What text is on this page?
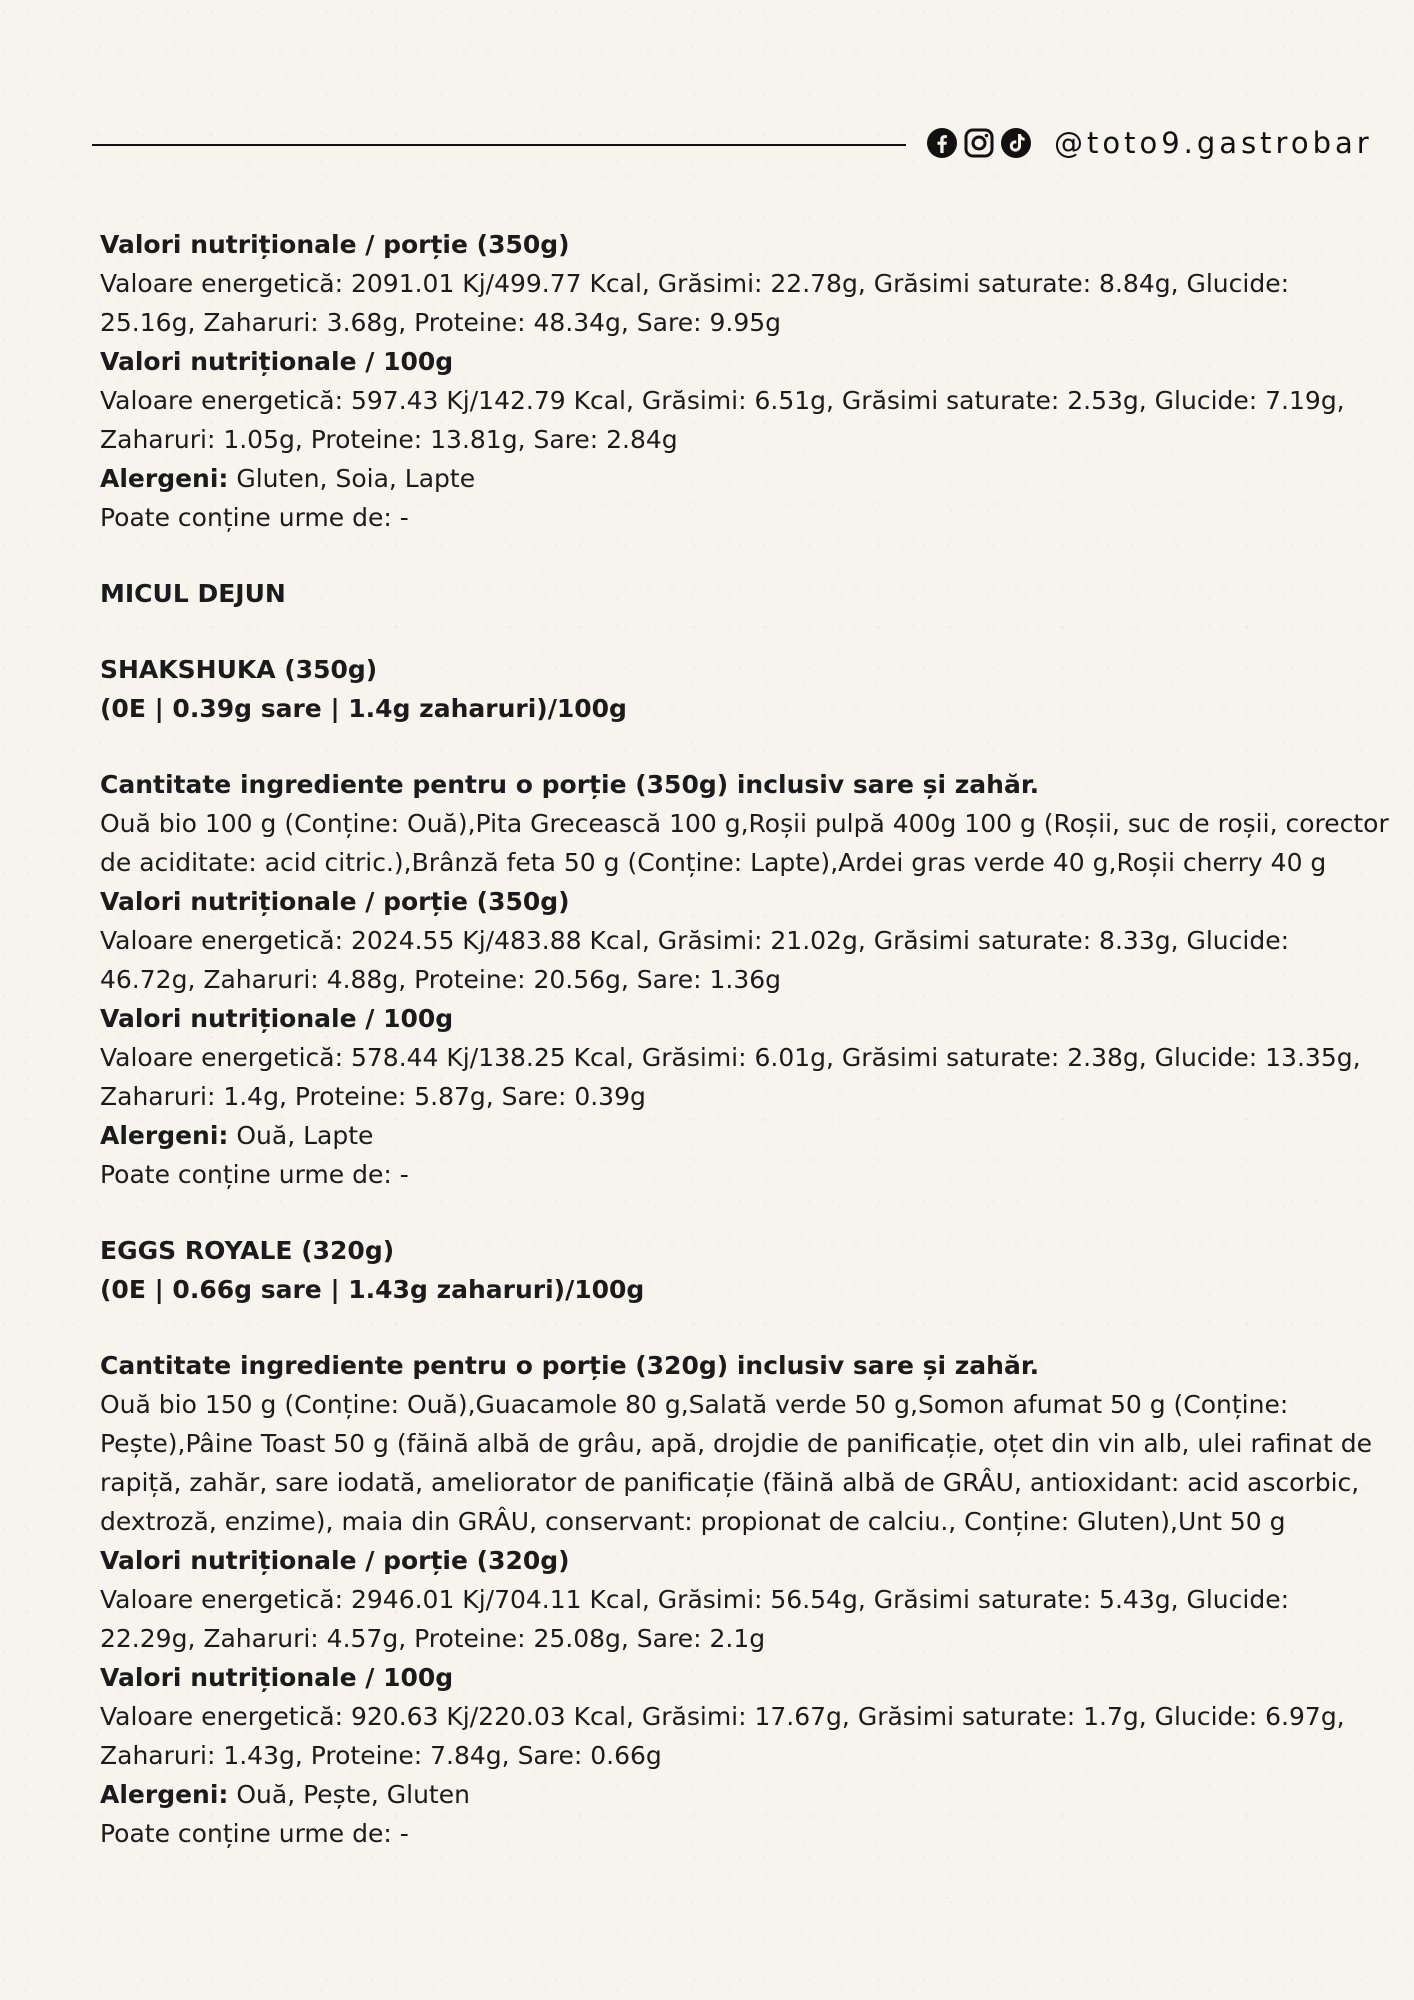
@toto9.gastrobar

Valori nutriționale / porție (350g)

Valoare energetică: 2091.01 Kj/499.77 Kcal, Grăsimi: 22.78g, Grăsimi saturate: 8.84g, Glucide: 25.16g, Zaharuri: 3.68g, Proteine: 48.34g, Sare: 9.95g

Valori nutriționale / 100g

Valoare energetică: 597.43 Kj/142.79 Kcal, Grăsimi: 6.51g, Grăsimi saturate: 2.53g, Glucide: 7.19g, Zaharuri: 1.05g, Proteine: 13.81g, Sare: 2.84g

Alergeni: Gluten, Soia, Lapte

Poate conține urme de: -

MICUL DEJUN

SHAKSHUKA (350g)

(0E | 0.39g sare | 1.4g zaharuri)/100g

Cantitate ingrediente pentru o porție (350g) inclusiv sare și zahăr.

Ouă bio 100 g (Conține: Ouă),Pita Grecească 100 g,Roșii pulpă 400g 100 g (Roșii, suc de roșii, corector de aciditate: acid citric.),Brânză feta 50 g (Conține: Lapte),Ardei gras verde 40 g,Roșii cherry 40 g

Valori nutriționale / porție (350g)

Valoare energetică: 2024.55 Kj/483.88 Kcal, Grăsimi: 21.02g, Grăsimi saturate: 8.33g, Glucide: 46.72g, Zaharuri: 4.88g, Proteine: 20.56g, Sare: 1.36g

Valori nutriționale / 100g

Valoare energetică: 578.44 Kj/138.25 Kcal, Grăsimi: 6.01g, Grăsimi saturate: 2.38g, Glucide: 13.35g, Zaharuri: 1.4g, Proteine: 5.87g, Sare: 0.39g

Alergeni: Ouă, Lapte

Poate conține urme de: -

EGGS ROYALE (320g)

(0E | 0.66g sare | 1.43g zaharuri)/100g

Cantitate ingrediente pentru o porție (320g) inclusiv sare și zahăr.

Ouă bio 150 g (Conține: Ouă),Guacamole 80 g,Salată verde 50 g,Somon afumat 50 g (Conține: Pește),Pâine Toast 50 g (făină albă de grâu, apă, drojdie de panificație, oțet din vin alb, ulei rafinat de rapiță, zahăr, sare iodată, ameliorator de panificație (făină albă de GRÂU, antioxidant: acid ascorbic, dextroză, enzime), maia din GRÂU, conservant: propionat de calciu., Conține: Gluten),Unt 50 g

Valori nutriționale / porție (320g)

Valoare energetică: 2946.01 Kj/704.11 Kcal, Grăsimi: 56.54g, Grăsimi saturate: 5.43g, Glucide: 22.29g, Zaharuri: 4.57g, Proteine: 25.08g, Sare: 2.1g

Valori nutriționale / 100g

Valoare energetică: 920.63 Kj/220.03 Kcal, Grăsimi: 17.67g, Grăsimi saturate: 1.7g, Glucide: 6.97g, Zaharuri: 1.43g, Proteine: 7.84g, Sare: 0.66g

Alergeni: Ouă, Pește, Gluten

Poate conține urme de: -
